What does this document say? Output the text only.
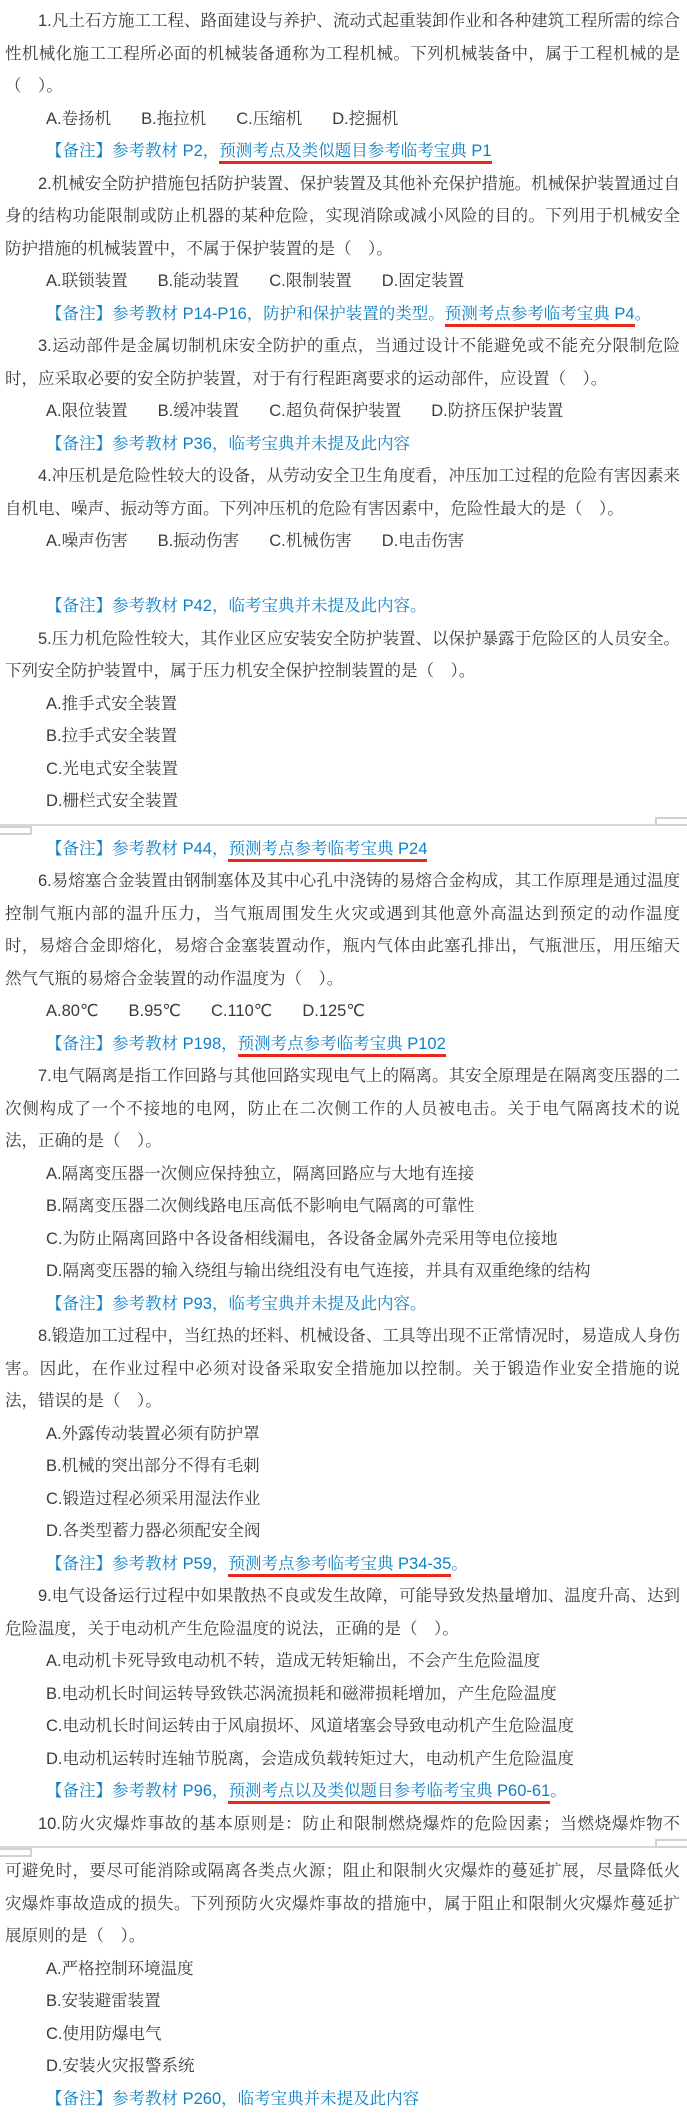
1.凡土石方施工工程、路面建设与养护、流动式起重装卸作业和各种建筑工程所需的综合性机械化施工工程所必面的机械装备通称为工程机械。下列机械装备中，属于工程机械的是（　）。

A.卷扬机 B.拖拉机 C.压缩机 D.挖掘机

【备注】参考教材 P2，预测考点及类似题目参考临考宝典 P1

2.机械安全防护措施包括防护装置、保护装置及其他补充保护措施。机械保护装置通过自身的结构功能限制或防止机器的某种危险，实现消除或减小风险的目的。下列用于机械安全防护措施的机械装置中，不属于保护装置的是（　）。

A.联锁装置 B.能动装置 C.限制装置 D.固定装置

【备注】参考教材 P14-P16，防护和保护装置的类型。预测考点参考临考宝典 P4。

3.运动部件是金属切制机床安全防护的重点，当通过设计不能避免或不能充分限制危险时，应采取必要的安全防护装置，对于有行程距离要求的运动部件，应设置（　）。

A.限位装置 B.缓冲装置 C.超负荷保护装置 D.防挤压保护装置

【备注】参考教材 P36，临考宝典并未提及此内容

4.冲压机是危险性较大的设备，从劳动安全卫生角度看，冲压加工过程的危险有害因素来自机电、噪声、振动等方面。下列冲压机的危险有害因素中，危险性最大的是（　）。

A.噪声伤害 B.振动伤害 C.机械伤害 D.电击伤害

【备注】参考教材 P42，临考宝典并未提及此内容。

5.压力机危险性较大，其作业区应安装安全防护装置、以保护暴露于危险区的人员安全。下列安全防护装置中，属于压力机安全保护控制装置的是（　）。

A.推手式安全装置

B.拉手式安全装置

C.光电式安全装置

D.栅栏式安全装置

【备注】参考教材 P44，预测考点参考临考宝典 P24

6.易熔塞合金装置由钢制塞体及其中心孔中浇铸的易熔合金构成，其工作原理是通过温度控制气瓶内部的温升压力，当气瓶周围发生火灾或遇到其他意外高温达到预定的动作温度时，易熔合金即熔化，易熔合金塞装置动作，瓶内气体由此塞孔排出，气瓶泄压，用压缩天然气气瓶的易熔合金装置的动作温度为（　）。

A.80℃ B.95℃ C.110℃ D.125℃

【备注】参考教材 P198，预测考点参考临考宝典 P102

7.电气隔离是指工作回路与其他回路实现电气上的隔离。其安全原理是在隔离变压器的二次侧构成了一个不接地的电网，防止在二次侧工作的人员被电击。关于电气隔离技术的说法，正确的是（　）。

A.隔离变压器一次侧应保持独立，隔离回路应与大地有连接

B.隔离变压器二次侧线路电压高低不影响电气隔离的可靠性

C.为防止隔离回路中各设备相线漏电，各设备金属外壳采用等电位接地

D.隔离变压器的输入绕组与输出绕组没有电气连接，并具有双重绝缘的结构

【备注】参考教材 P93，临考宝典并未提及此内容。

8.锻造加工过程中，当红热的坯料、机械设备、工具等出现不正常情况时，易造成人身伤害。因此，在作业过程中必须对设备采取安全措施加以控制。关于锻造作业安全措施的说法，错误的是（　）。

A.外露传动装置必须有防护罩

B.机械的突出部分不得有毛刺

C.锻造过程必须采用湿法作业

D.各类型蓄力器必须配安全阀

【备注】参考教材 P59，预测考点参考临考宝典 P34-35。

9.电气设备运行过程中如果散热不良或发生故障，可能导致发热量增加、温度升高、达到危险温度，关于电动机产生危险温度的说法，正确的是（　）。

A.电动机卡死导致电动机不转，造成无转矩输出，不会产生危险温度

B.电动机长时间运转导致铁芯涡流损耗和磁滞损耗增加，产生危险温度

C.电动机长时间运转由于风扇损坏、风道堵塞会导致电动机产生危险温度

D.电动机运转时连轴节脱离，会造成负载转矩过大，电动机产生危险温度

【备注】参考教材 P96，预测考点以及类似题目参考临考宝典 P60-61。

10.防火灾爆炸事故的基本原则是：防止和限制燃烧爆炸的危险因素；当燃烧爆炸物不

可避免时，要尽可能消除或隔离各类点火源；阻止和限制火灾爆炸的蔓延扩展，尽量降低火灾爆炸事故造成的损失。下列预防火灾爆炸事故的措施中，属于阻止和限制火灾爆炸蔓延扩展原则的是（　）。

A.严格控制环境温度

B.安装避雷装置

C.使用防爆电气

D.安装火灾报警系统

【备注】参考教材 P260，临考宝典并未提及此内容
